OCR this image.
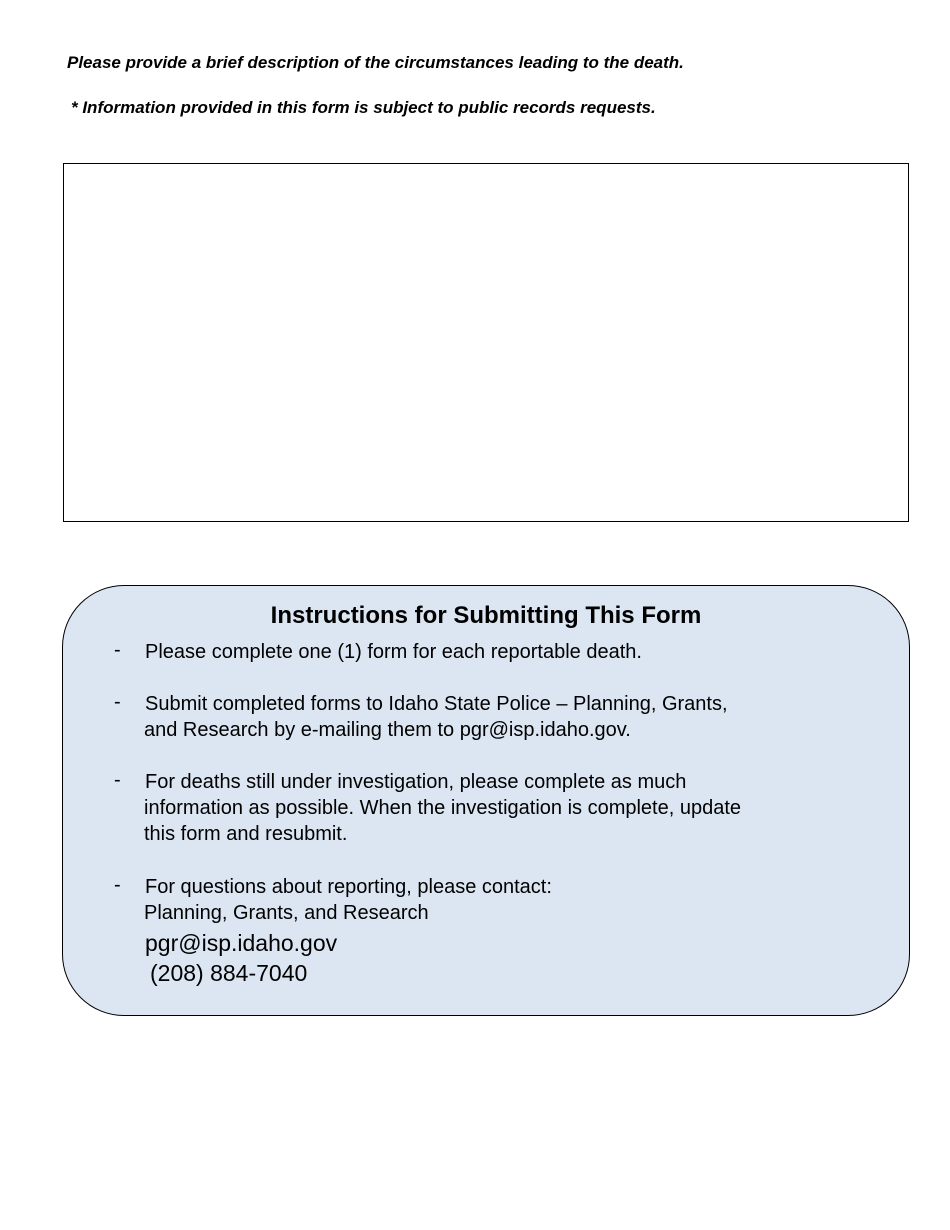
Please provide a brief description of the circumstances leading to the death.
* Information provided in this form is subject to public records requests.
Instructions for Submitting This Form
- Please complete one (1) form for each reportable death.
- Submit completed forms to Idaho State Police – Planning, Grants,
and Research by e-mailing them to pgr@isp.idaho.gov.
- For deaths still under investigation, please complete as much
information as possible. When the investigation is complete, update
this form and resubmit.
- For questions about reporting, please contact:
Planning, Grants, and Research
pgr@isp.idaho.gov
(208) 884-7040
